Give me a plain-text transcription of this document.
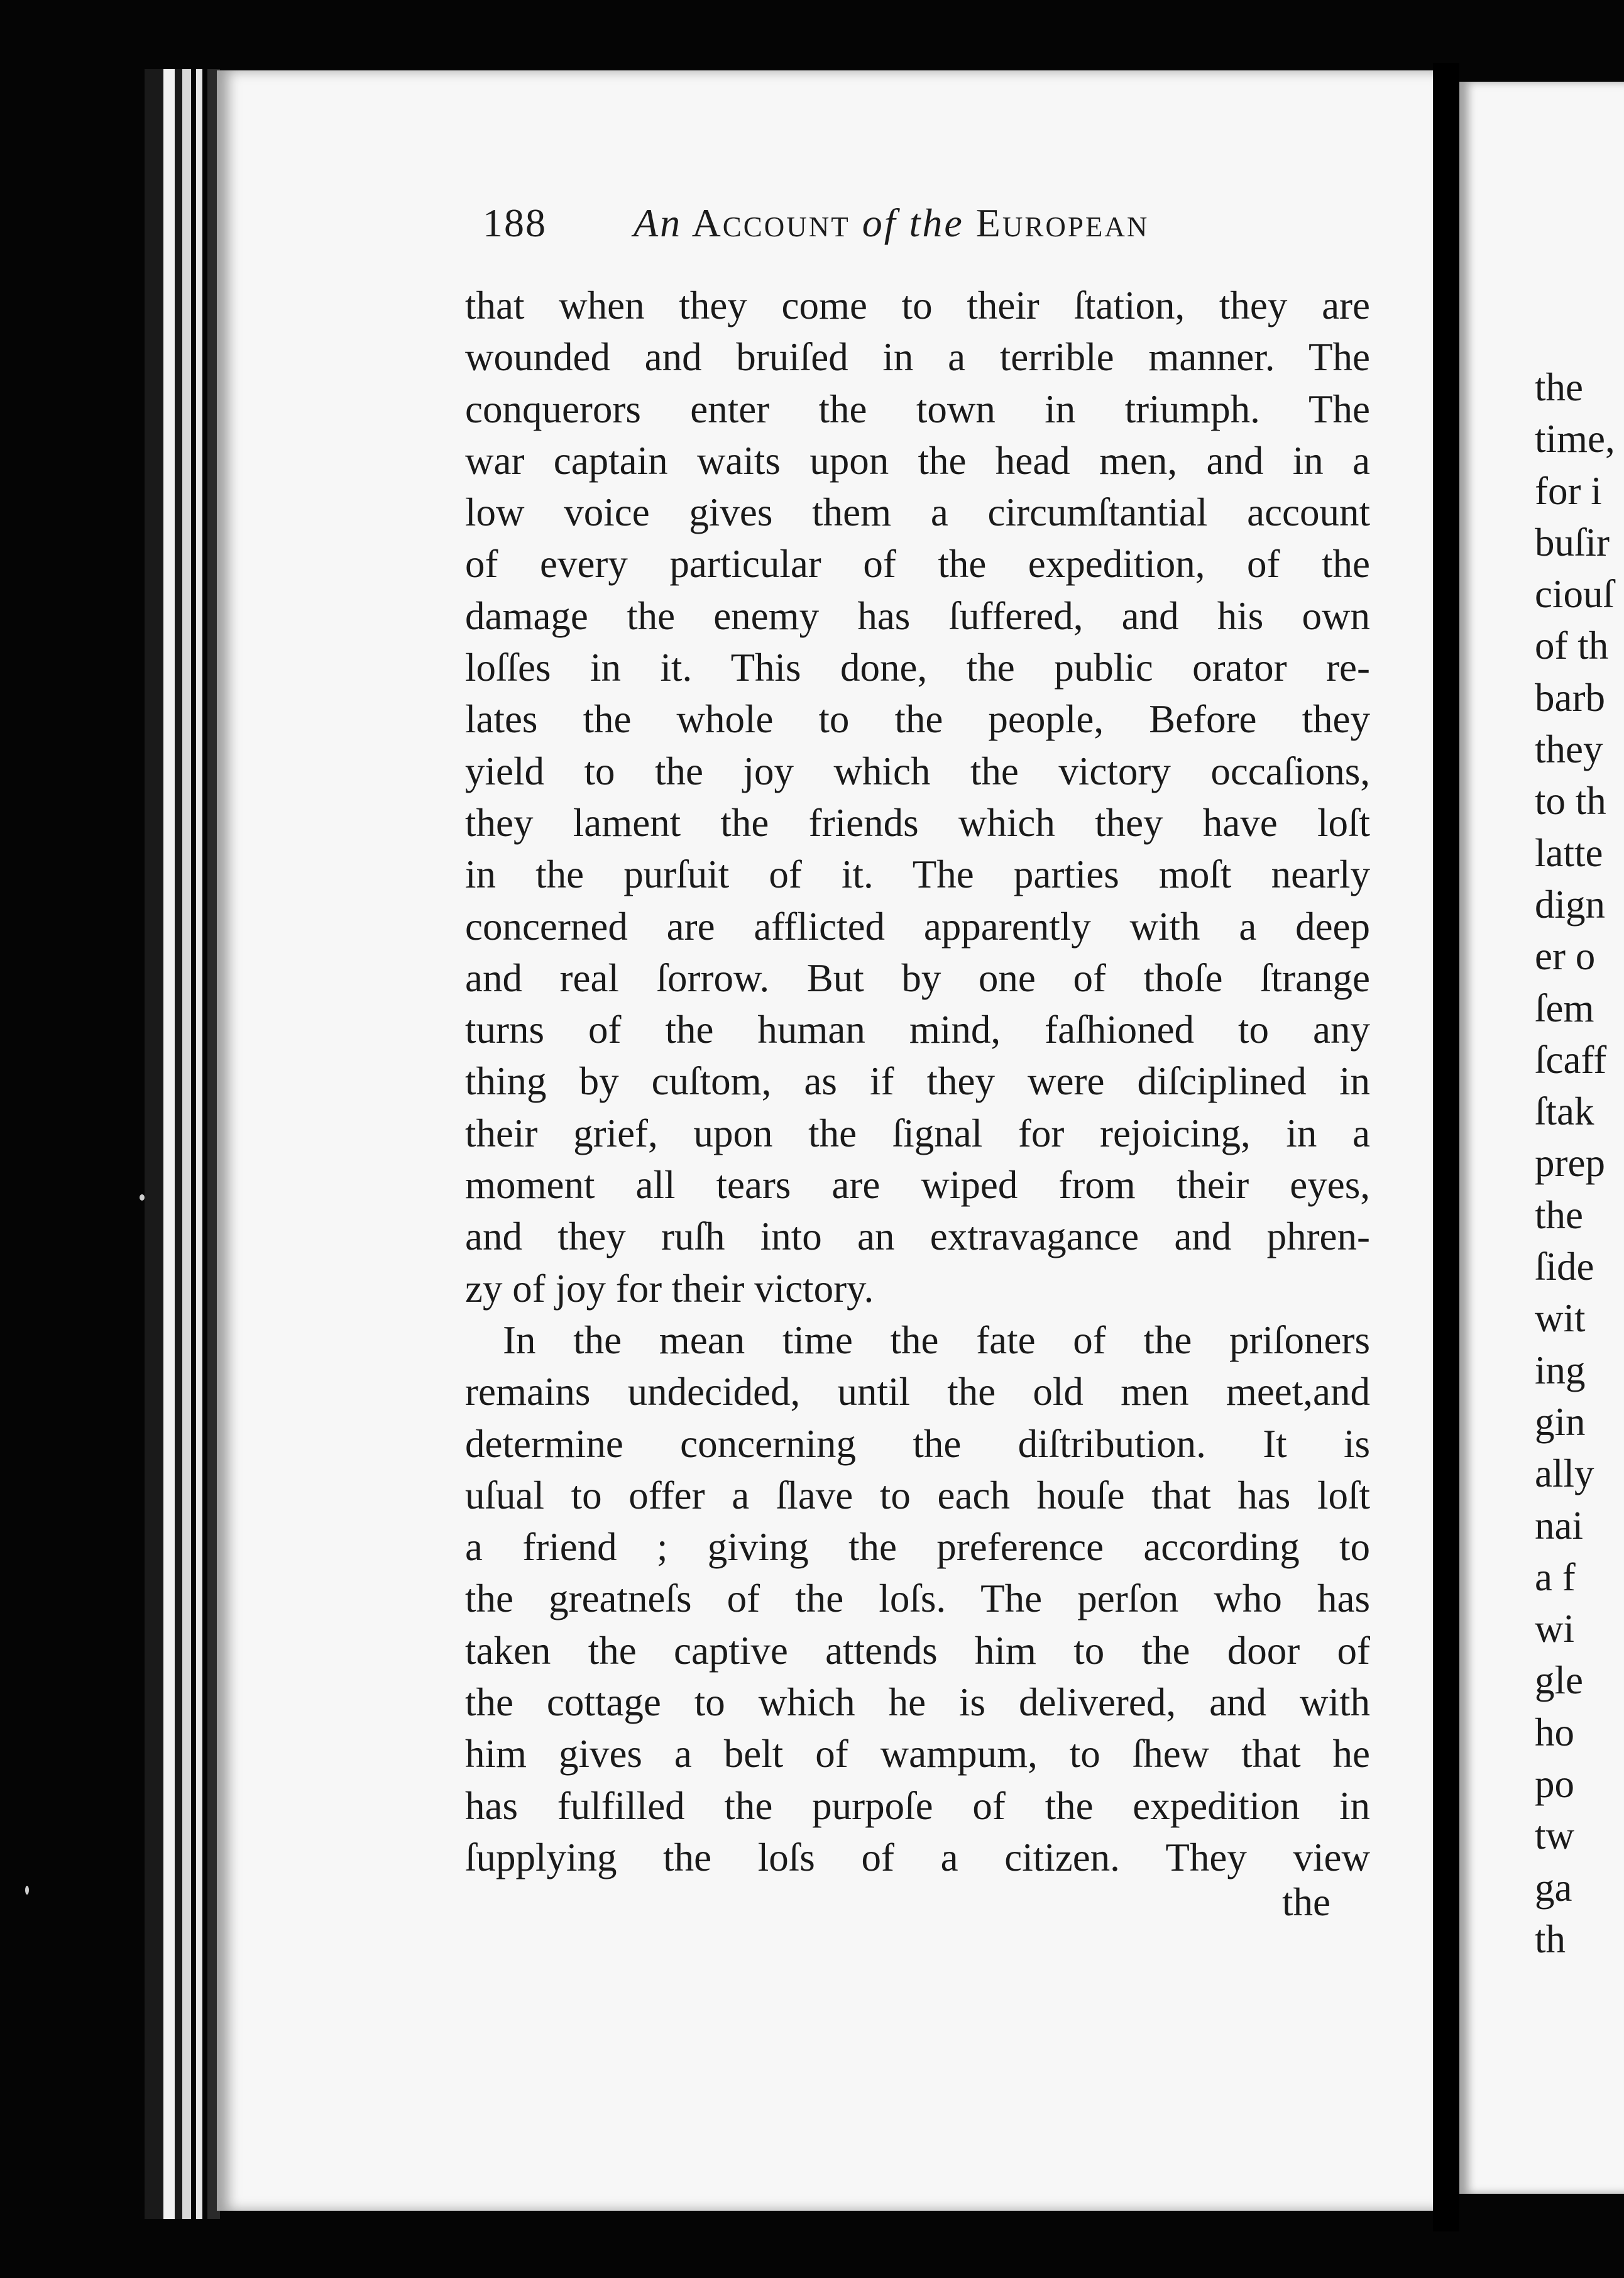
the
time,
for i
buſir
ciouſ
of th
barb
they
to th
latte
dign
er o
ſem
ſcaff
ſtak
prep
the
ſide
wit
ing
gin
ally
nai
a f
wi
gle
ho
po
tw
ga
th
188 An Account of the European
that when they come to their ſtation, they are
wounded and bruiſed in a terrible manner. The
conquerors enter the town in triumph. The
war captain waits upon the head men, and in a
low voice gives them a circumſtantial account
of every particular of the expedition, of the
damage the enemy has ſuffered, and his own
loſſes in it. This done, the public orator re-
lates the whole to the people, Before they
yield to the joy which the victory occaſions,
they lament the friends which they have loſt
in the purſuit of it. The parties moſt nearly
concerned are afflicted apparently with a deep
and real ſorrow. But by one of thoſe ſtrange
turns of the human mind, faſhioned to any
thing by cuſtom, as if they were diſciplined in
their grief, upon the ſignal for rejoicing, in a
moment all tears are wiped from their eyes,
and they ruſh into an extravagance and phren-
zy of joy for their victory.
In the mean time the fate of the priſoners
remains undecided, until the old men meet,and
determine concerning the diſtribution. It is
uſual to offer a ſlave to each houſe that has loſt
a friend ; giving the preference according to
the greatneſs of the loſs. The perſon who has
taken the captive attends him to the door of
the cottage to which he is delivered, and with
him gives a belt of wampum, to ſhew that he
has fulfilled the purpoſe of the expedition in
ſupplying the loſs of a citizen. They view
the
